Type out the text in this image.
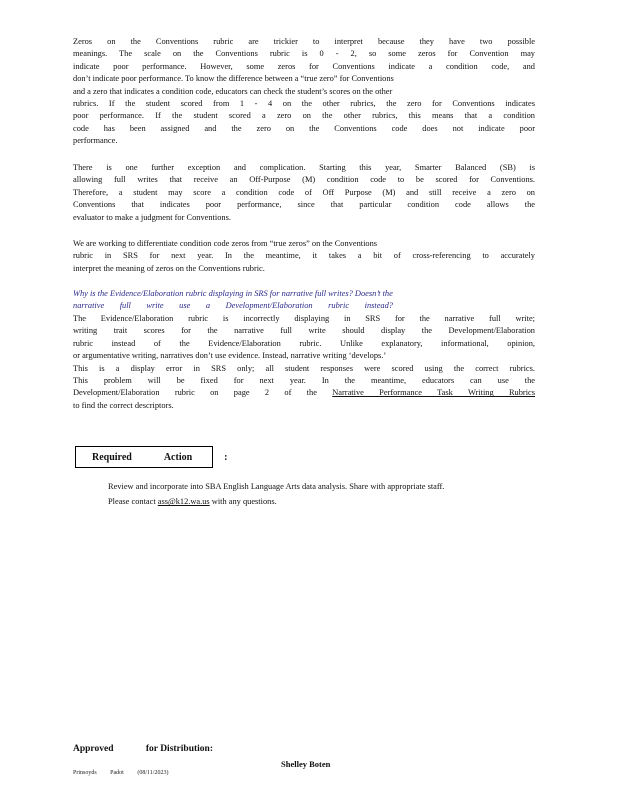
Zeros on the Conventions rubric are trickier to interpret because they have two possible

meanings. The scale on the Conventions rubric is 0 - 2, so some zeros for Convention may

indicate poor performance. However, some zeros for Conventions indicate a condition code, and

don’t indicate poor performance. To know the difference between a “true zero” for Conventions

and a zero that indicates a condition code, educators can check the student’s scores on the other

rubrics. If the student scored from 1 - 4 on the other rubrics, the zero for Conventions indicates

poor performance. If the student scored a zero on the other rubrics, this means that a condition

code has been assigned and the zero on the Conventions code does not indicate poor

performance.

There is one further exception and complication. Starting this year, Smarter Balanced (SB) is

allowing full writes that receive an Off-Purpose (M) condition code to be scored for Conventions.

Therefore, a student may score a condition code of Off Purpose (M) and still receive a zero on

Conventions that indicates poor performance, since that particular condition code allows the

evaluator to make a judgment for Conventions.

We are working to differentiate condition code zeros from “true zeros” on the Conventions

rubric in SRS for next year. In the meantime, it takes a bit of cross-referencing to accurately

interpret the meaning of zeros on the Conventions rubric.

Why is the Evidence/Elaboration rubric displaying in SRS for narrative full writes? Doesn’t the

narrative full write use a Development/Elaboration rubric instead?

The Evidence/Elaboration rubric is incorrectly displaying in SRS for the narrative full write;

writing trait scores for the narrative full write should display the Development/Elaboration

rubric instead of the Evidence/Elaboration rubric. Unlike explanatory, informational, opinion,

or argumentative writing, narratives don’t use evidence. Instead, narrative writing ‘develops.’

This is a display error in SRS only; all student responses were scored using the correct rubrics.

This problem will be fixed for next year. In the meantime, educators can use the

Development/Elaboration rubric on page 2 of the Narrative Performance Task Writing Rubrics

to find the correct descriptors.

Required	Action	:
Review and incorporate into SBA English Language Arts data analysis. Share with appropriate staff.
Please contact ass@k12.wa.us with any questions.
Approved	for Distribution:
Shelley Boten
Prinsoyds Padot (08/11/2023)
